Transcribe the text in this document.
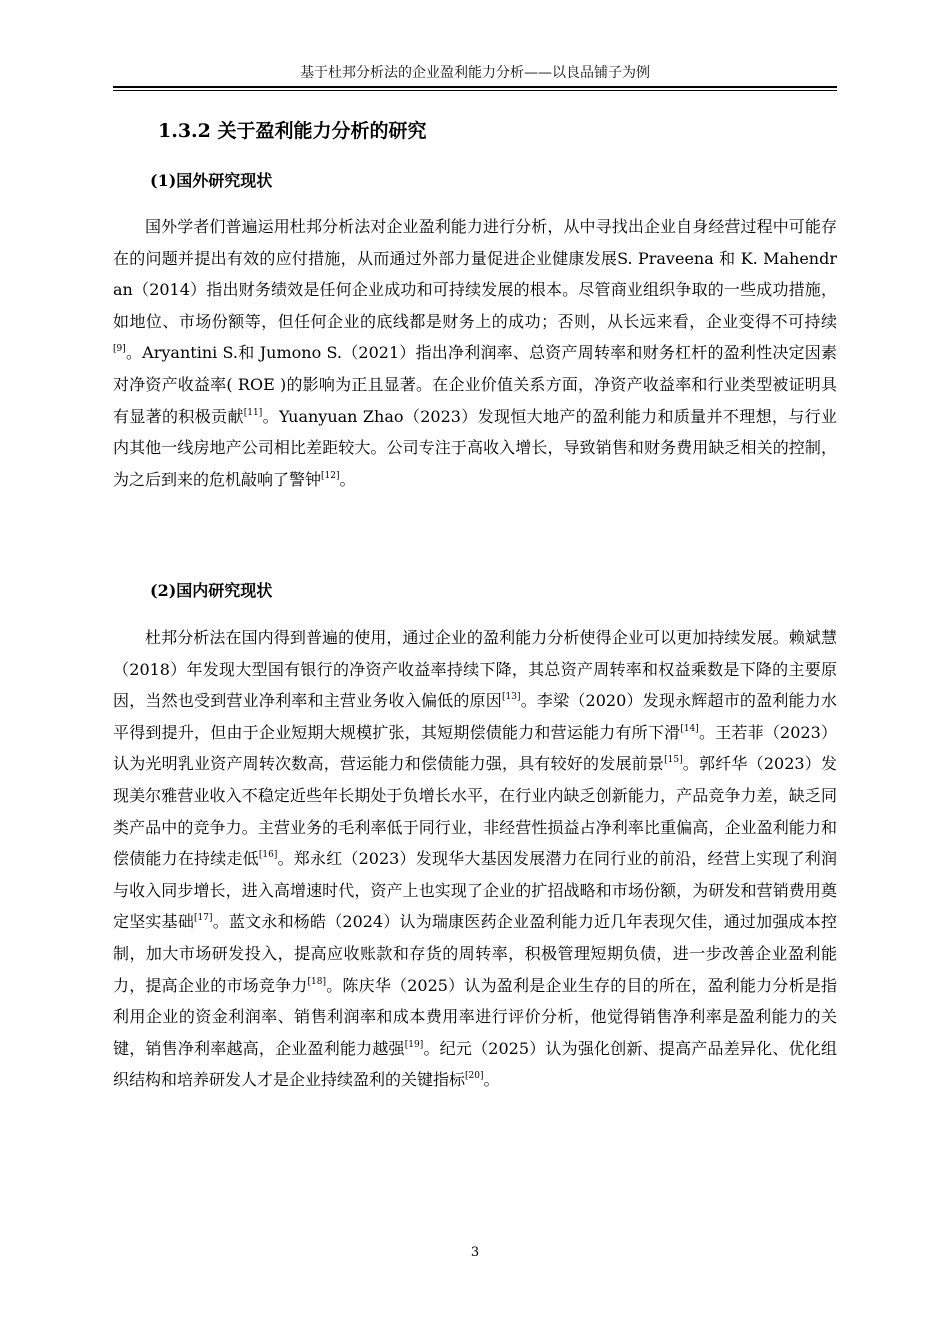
基于杜邦分析法的企业盈利能力分析——以良品铺子为例
1.3.2 关于盈利能力分析的研究
(1)国外研究现状

国外学者们普遍运用杜邦分析法对企业盈利能力进行分析，从中寻找出企业自身经营过程中可能存在的问题并提出有效的应付措施，从而通过外部力量促进企业健康发展S. Praveena 和 K. Mahendran（2014）指出财务绩效是任何企业成功和可持续发展的根本。尽管商业组织争取的一些成功措施，如地位、市场份额等，但任何企业的底线都是财务上的成功；否则，从长远来看，企业变得不可持续[9]。Aryantini S.和 Jumono S.（2021）指出净利润率、总资产周转率和财务杠杆的盈利性决定因素对净资产收益率( ROE )的影响为正且显著。在企业价值关系方面，净资产收益率和行业类型被证明具有显著的积极贡献[11]。Yuanyuan Zhao（2023）发现恒大地产的盈利能力和质量并不理想，与行业内其他一线房地产公司相比差距较大。公司专注于高收入增长，导致销售和财务费用缺乏相关的控制，为之后到来的危机敲响了警钟[12]。

(2)国内研究现状

杜邦分析法在国内得到普遍的使用，通过企业的盈利能力分析使得企业可以更加持续发展。赖斌慧（2018）年发现大型国有银行的净资产收益率持续下降，其总资产周转率和权益乘数是下降的主要原因，当然也受到营业净利率和主营业务收入偏低的原因[13]。李梁（2020）发现永辉超市的盈利能力水平得到提升，但由于企业短期大规模扩张，其短期偿债能力和营运能力有所下滑[14]。王若菲（2023）认为光明乳业资产周转次数高，营运能力和偿债能力强，具有较好的发展前景[15]。郭纤华（2023）发现美尔雅营业收入不稳定近些年长期处于负增长水平，在行业内缺乏创新能力，产品竞争力差，缺乏同类产品中的竞争力。主营业务的毛利率低于同行业，非经营性损益占净利率比重偏高，企业盈利能力和偿债能力在持续走低[16]。郑永红（2023）发现华大基因发展潜力在同行业的前沿，经营上实现了利润与收入同步增长，进入高增速时代，资产上也实现了企业的扩招战略和市场份额，为研发和营销费用奠定坚实基础[17]。蓝文永和杨皓（2024）认为瑞康医药企业盈利能力近几年表现欠佳，通过加强成本控制，加大市场研发投入，提高应收账款和存货的周转率，积极管理短期负债，进一步改善企业盈利能力，提高企业的市场竞争力[18]。陈庆华（2025）认为盈利是企业生存的目的所在，盈利能力分析是指利用企业的资金利润率、销售利润率和成本费用率进行评价分析，他觉得销售净利率是盈利能力的关键，销售净利率越高，企业盈利能力越强[19]。纪元（2025）认为强化创新、提高产品差异化、优化组织结构和培养研发人才是企业持续盈利的关键指标[20]。

3
